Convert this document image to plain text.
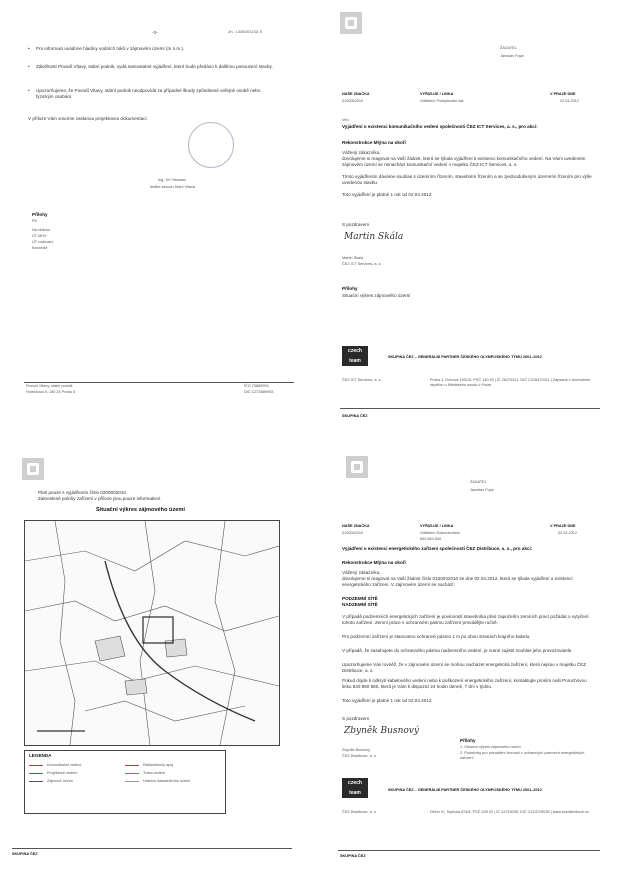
-3-	Zn.: 1345/2012/ÚI-S
• Pro informaci uvádíme hladiny vodních toků v zájmovém území (m n.m.).
• Záležitosti Povodí Vltavy, státní podnik, vydá samostatné vyjádření, které bude předáno k dalšímu posouzení stavby.
• Upozorňujeme, že Povodí Vltavy, státní podnik neodpovídá za případné škody způsobené veřejné osobě nebo fyzickým osobám.
V příloze Vám vracíme zaslanou projektovou dokumentaci.
Ing. Jiří Vrkoslav
ředitel závodu Dolní Vltava
Přílohy
PD
Na vědomí
ÚT MHV
ÚT vodování
Kancelář
Povodí Vltavy, státní podnik
Holečkova 8, 150 24 Praha 5
IČO 70889953
DIČ CZ70889953
ŽADATEL
Jaroslav Fojar
NAŠE ZNAČKA
0100002010
VYŘIZUJE / LINKA
Oddělení Poskytování dat
V PRAZE DNE
02.04.2012
Věc:
Vyjádření o existenci komunikačního vedení společnosti ČEZ ICT Services, a. s., pro akci:
Rekonstrukce Mlýna na okoři
Vážený zákazníku,
dovolujeme si reagovat na Vaší žádost, která se týkala vyjádření k existenci komunikačního vedení. Na Vámi uvedeném zájmovém území se nenachází komunikační vedení v majetku ČEZ ICT Services, a. s.
Tímto vyjádřením dáváme souhlas s územním řízením, stavebním řízením a se zjednodušeným územním řízením pro výše uvedenou stavbu.
Toto vyjádření je platné 1 rok od 02.04.2012.
S pozdravem
Martin Skála
Martin Skála
ČEZ ICT Services, a. s.
Přílohy
Situační výkres zájmového území
czech team
SKUPINA ČEZ – GENERÁLNÍ PARTNER ČESKÉHO OLYMPIJSKÉHO TÝMU 2001–2012
ČEZ ICT Services, a. s.	Praha 4, Duhová 1531/3, PSČ 140 53 | IČ 26470411, DIČ CZ26470411 | Zapsaná v obchodním rejstříku u Městského soudu v Praze
SKUPINA ČEZ
Platí pouze s vyjádřením číslo 0200002010.
Zakreslené polohy zařízení v příloze jsou pouze informativní.
Situační výkres zájmového území
LEGENDA
Komunikační vedení
Projektové vedení
Zájmové území
Radioreléový spoj
Trasa vedení
Hranice katastrálního území
SKUPINA ČEZ
ŽADATEL
Jaroslav Fojar
NAŠE ZNAČKA
0100042010
VYŘIZUJE / LINKA
Oddělení Dokumentace
840 840 840
V PRAZE DNE
02.04.2012
Vyjádření o existenci energetického zařízení společnosti ČEZ Distribuce, a. s., pro akci:
Rekonstrukce Mlýna na okoři
Vážený zákazníku,
dovolujeme si reagovat na Vaší žádost číslo 0100042010 ze dne 02.04.2012, která se týkala vyjádření o existenci energetického zařízení. V zájmovém území se nachází:
PODZEMNÍ SÍTĚ NADZEMNÍ SÍTĚ
V případě podzemních energetických zařízení je povinností stavebníka před započetím zemních prací požádat o vytyčení tohoto zařízení. Zemní práce v ochranném pásmu zařízení provádějte ručně.
Pro podzemní zařízení je stanoveno ochranné pásmo 1 m po obou stranách krajního kabelu.
V případě, že zasahujete do ochranného pásma nadzemního vedení, je nutné zajistit souhlas jeho provozovatele.
Upozorňujeme Vás rovněž, že v zájmovém území se mohou nacházet energetická zařízení, která nejsou v majetku ČEZ Distribuce, a. s.
Pokud dojde k odkrytí kabelového vedení nebo k poškození energetického zařízení, kontaktujte prosím naši Poruchovou linku 840 850 860, která je Vám k dispozici 24 hodin denně, 7 dní v týdnu.
Toto vyjádření je platné 1 rok od 02.04.2012.
S pozdravem
Zbyněk Busnový
Zbyněk Busnový
ČEZ Distribuce, a. s.
Přílohy
1. Situační výkres zájmového území
2. Podmínky pro provádění činností v ochranných pásmech energetických zařízení
czech team	SKUPINA ČEZ – GENERÁLNÍ PARTNER ČESKÉHO OLYMPIJSKÉHO TÝMU 2001–2012
ČEZ Distribuce, a. s.	Děčín IV, Teplická 874/8, PSČ 405 02 | IČ 24729035, DIČ CZ24729035 | www.cezdistribuce.cz
SKUPINA ČEZ
